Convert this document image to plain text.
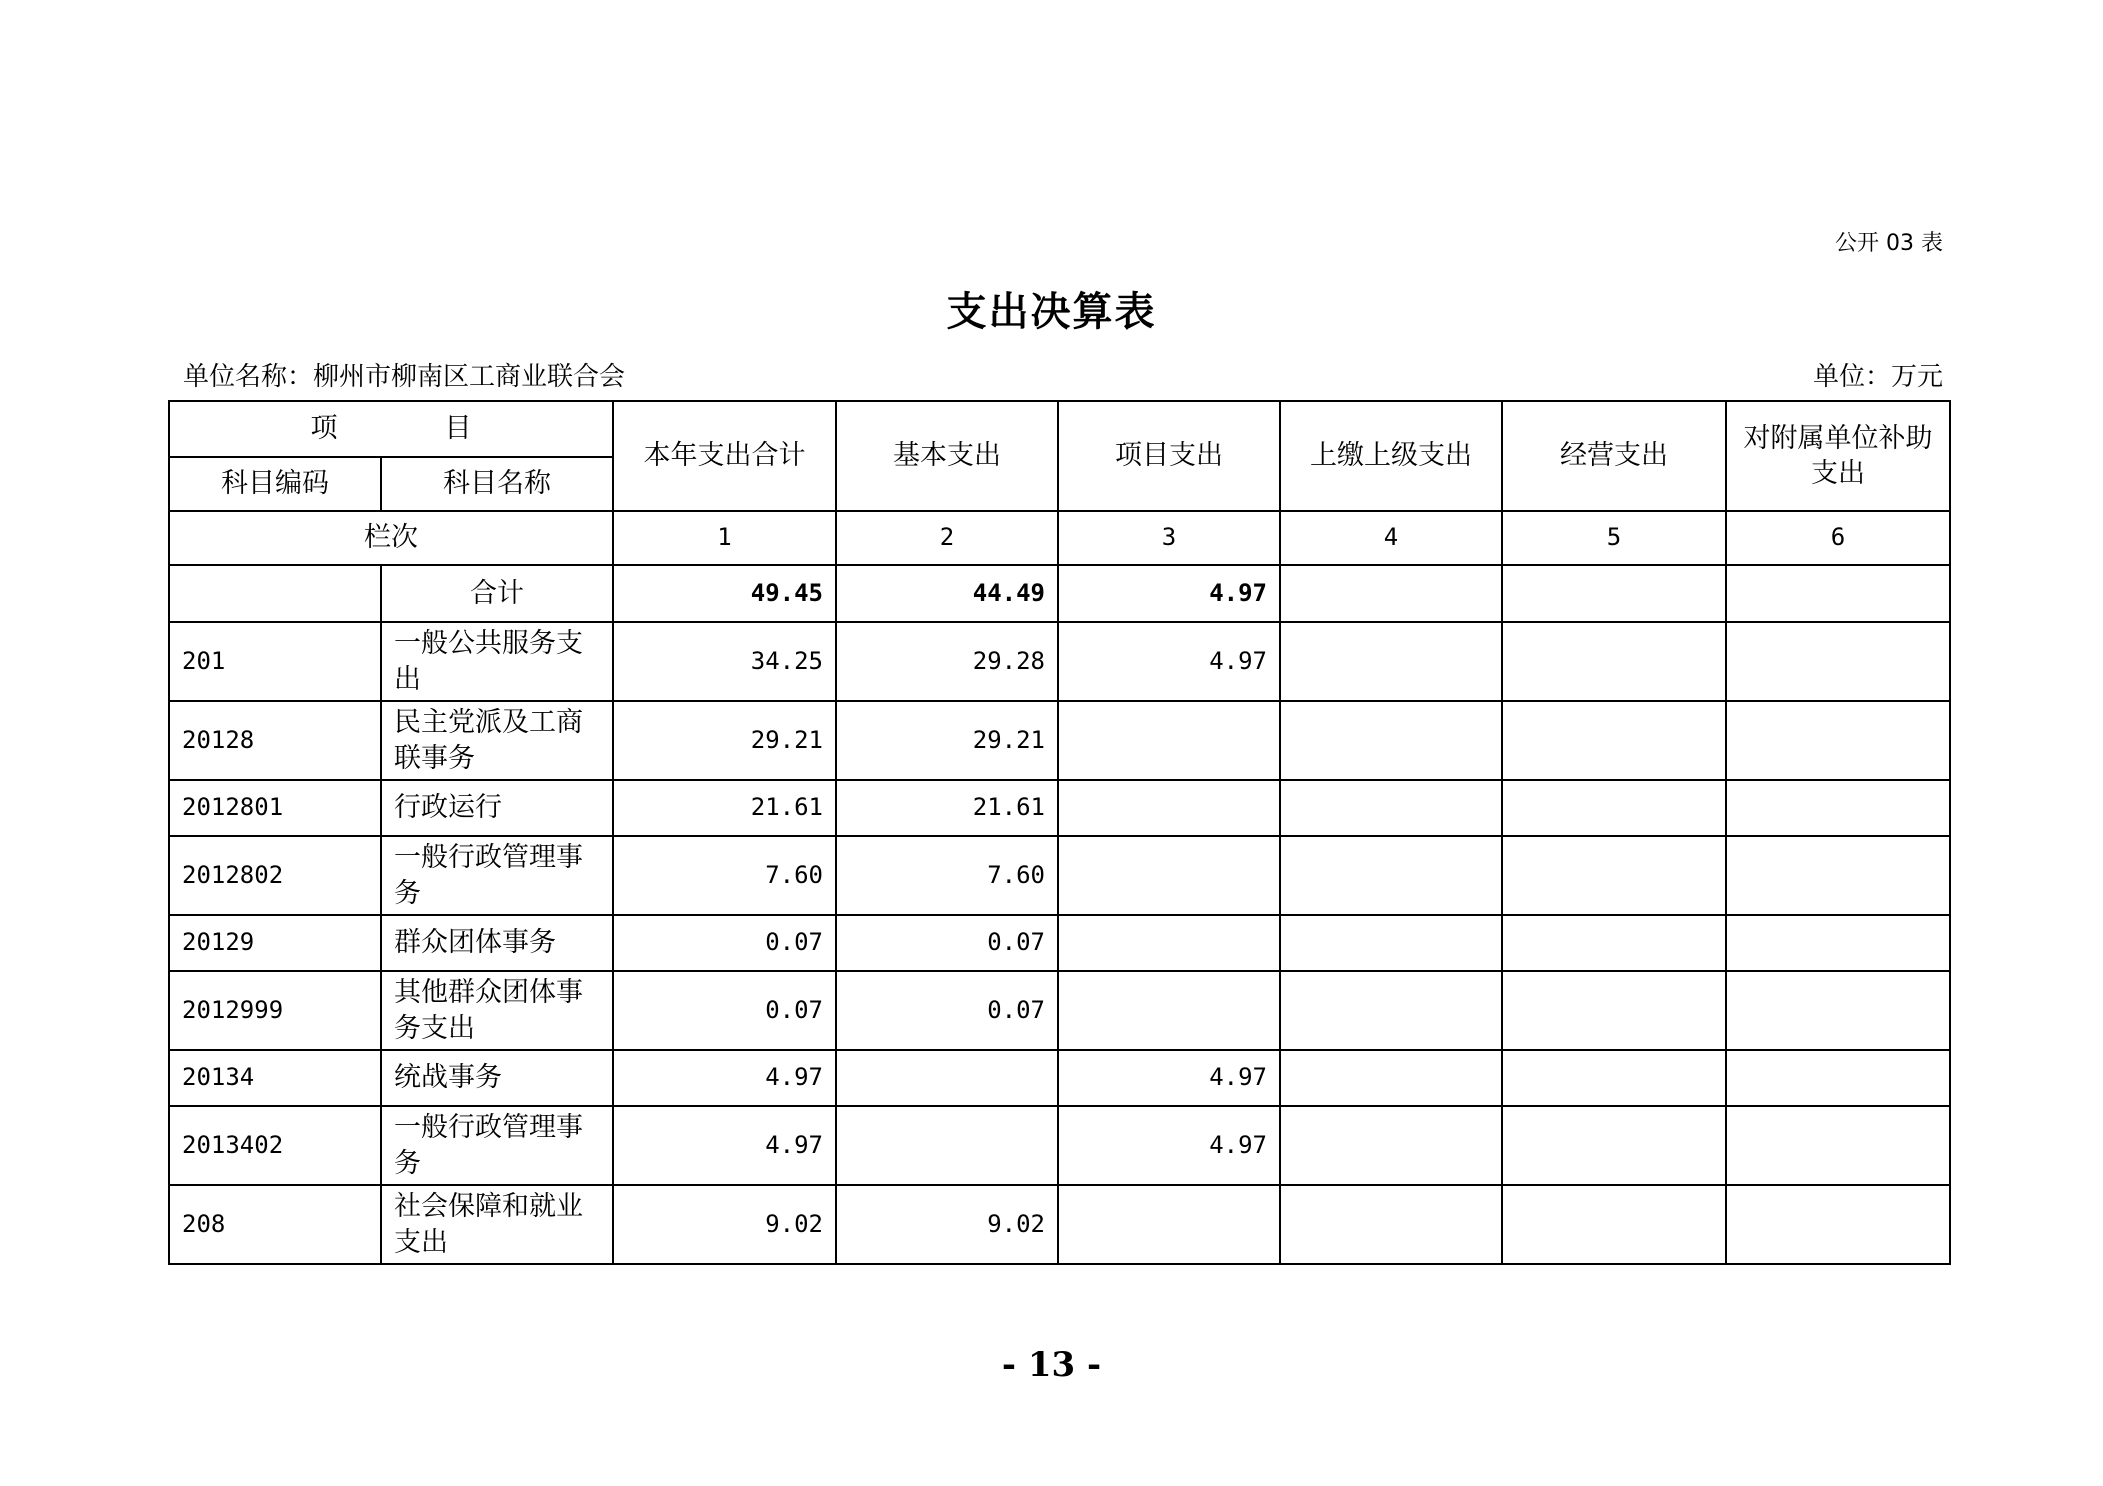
公开 03 表
支出决算表
单位名称：柳州市柳南区工商业联合会	单位：万元
项　目		本年支出合计	基本支出	项目支出	上缴上级支出	经营支出	对附属单位补助支出
科目编码	科目名称						
栏次		1	2	3	4	5	6
	合计	49.45	44.49	4.97			
201	一般公共服务支出	34.25	29.28	4.97			
20128	民主党派及工商联事务	29.21	29.21				
2012801	行政运行	21.61	21.61				
2012802	一般行政管理事务	7.60	7.60				
20129	群众团体事务	0.07	0.07				
2012999	其他群众团体事务支出	0.07	0.07				
20134	统战事务	4.97		4.97			
2013402	一般行政管理事务	4.97		4.97			
208	社会保障和就业支出	9.02	9.02				
- 13 -
